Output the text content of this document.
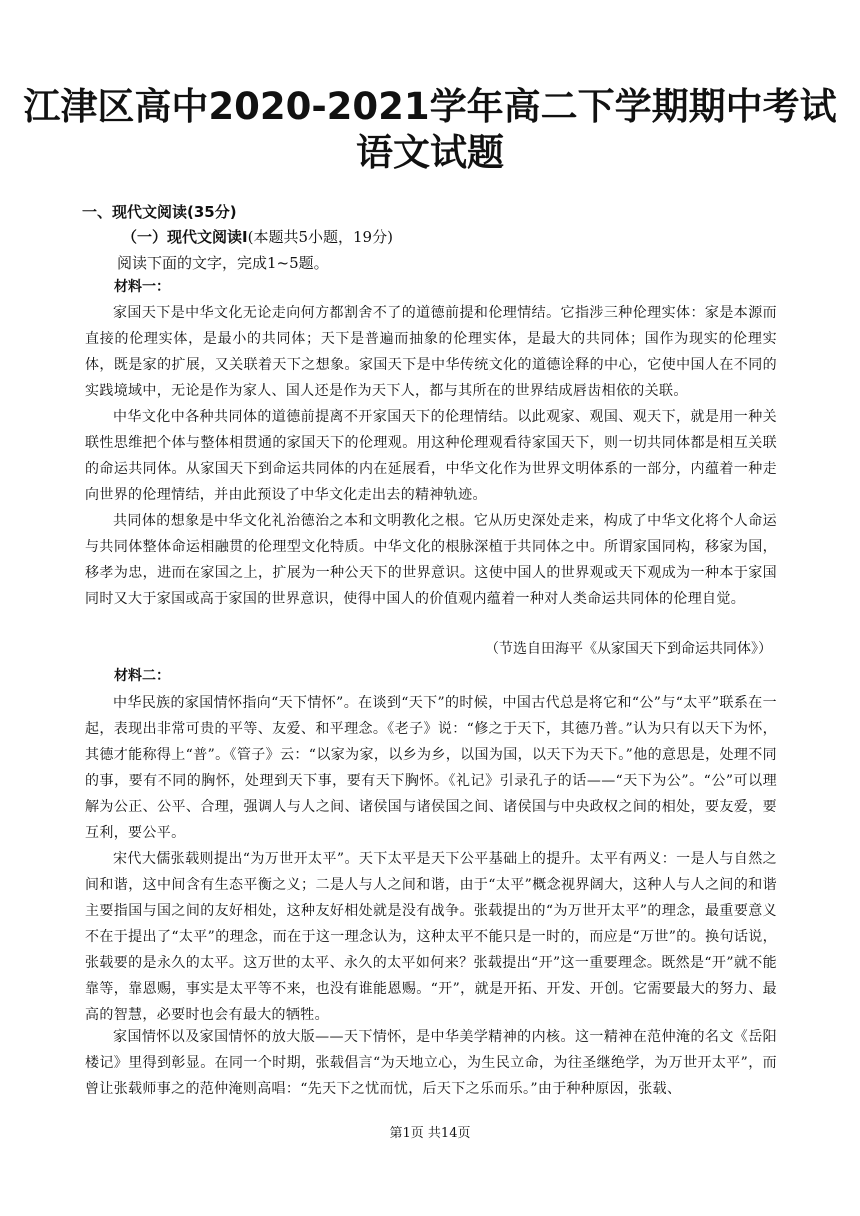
江津区高中2020-2021学年高二下学期期中考试
语文试题
一、现代文阅读(35分)
（一）现代文阅读Ⅰ(本题共5小题，19分)
阅读下面的文字，完成1~5题。
材料一：
家国天下是中华文化无论走向何方都割舍不了的道德前提和伦理情结。它指涉三种伦理实体：家是本源而直接的伦理实体，是最小的共同体；天下是普遍而抽象的伦理实体，是最大的共同体；国作为现实的伦理实体，既是家的扩展，又关联着天下之想象。家国天下是中华传统文化的道德诠释的中心，它使中国人在不同的实践境域中，无论是作为家人、国人还是作为天下人，都与其所在的世界结成唇齿相依的关联。
中华文化中各种共同体的道德前提离不开家国天下的伦理情结。以此观家、观国、观天下，就是用一种关联性思维把个体与整体相贯通的家国天下的伦理观。用这种伦理观看待家国天下，则一切共同体都是相互关联的命运共同体。从家国天下到命运共同体的内在延展看，中华文化作为世界文明体系的一部分，内蕴着一种走向世界的伦理情结，并由此预设了中华文化走出去的精神轨迹。
共同体的想象是中华文化礼治德治之本和文明教化之根。它从历史深处走来，构成了中华文化将个人命运与共同体整体命运相融贯的伦理型文化特质。中华文化的根脉深植于共同体之中。所谓家国同构，移家为国，移孝为忠，进而在家国之上，扩展为一种公天下的世界意识。这使中国人的世界观或天下观成为一种本于家国同时又大于家国或高于家国的世界意识，使得中国人的价值观内蕴着一种对人类命运共同体的伦理自觉。
（节选自田海平《从家国天下到命运共同体》）
材料二：
中华民族的家国情怀指向“天下情怀”。在谈到“天下”的时候，中国古代总是将它和“公”与“太平”联系在一起，表现出非常可贵的平等、友爱、和平理念。《老子》说：“修之于天下，其德乃普。”认为只有以天下为怀，其德才能称得上“普”。《管子》云：“以家为家，以乡为乡，以国为国，以天下为天下。”他的意思是，处理不同的事，要有不同的胸怀，处理到天下事，要有天下胸怀。《礼记》引录孔子的话——“天下为公”。“公”可以理解为公正、公平、合理，强调人与人之间、诸侯国与诸侯国之间、诸侯国与中央政权之间的相处，要友爱，要互利，要公平。
宋代大儒张载则提出“为万世开太平”。天下太平是天下公平基础上的提升。太平有两义：一是人与自然之间和谐，这中间含有生态平衡之义；二是人与人之间和谐，由于“太平”概念视界阔大，这种人与人之间的和谐主要指国与国之间的友好相处，这种友好相处就是没有战争。张载提出的“为万世开太平”的理念，最重要意义不在于提出了“太平”的理念，而在于这一理念认为，这种太平不能只是一时的，而应是“万世”的。换句话说，张载要的是永久的太平。这万世的太平、永久的太平如何来？张载提出“开”这一重要理念。既然是“开”就不能靠等，靠恩赐，事实是太平等不来，也没有谁能恩赐。“开”，就是开拓、开发、开创。它需要最大的努力、最高的智慧，必要时也会有最大的牺牲。
家国情怀以及家国情怀的放大版——天下情怀，是中华美学精神的内核。这一精神在范仲淹的名文《岳阳楼记》里得到彰显。在同一个时期，张载倡言“为天地立心，为生民立命，为往圣继绝学，为万世开太平”，而曾让张载师事之的范仲淹则高唱：“先天下之忧而忧，后天下之乐而乐。”由于种种原因，张载、
第1页 共14页
